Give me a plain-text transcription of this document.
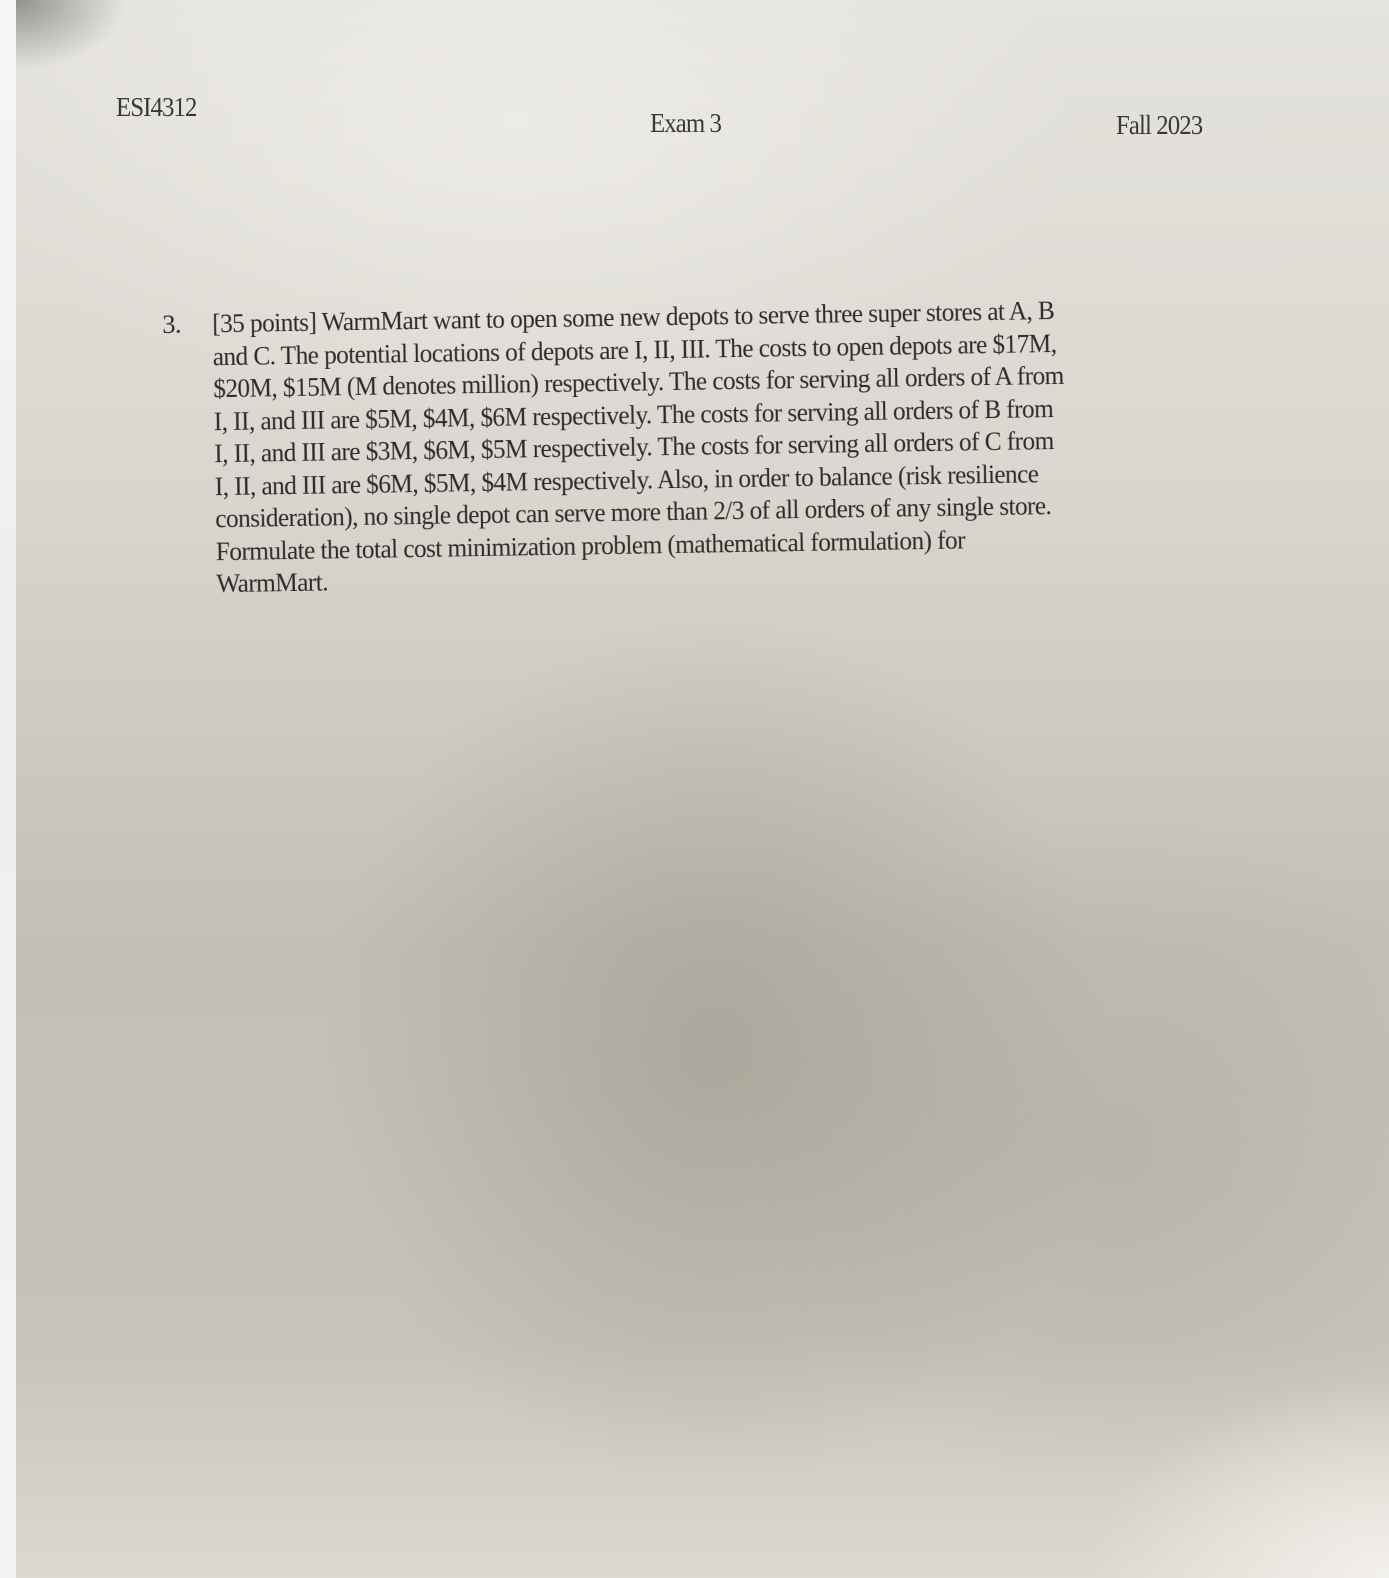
ESI4312
Exam 3	Fall 2023
3. [35 points] WarmMart want to open some new depots to serve three super stores at A, B
and C. The potential locations of depots are I, II, III. The costs to open depots are $17M,
$20M, $15M (M denotes million) respectively. The costs for serving all orders of A from
I, II, and III are $5M, $4M, $6M respectively. The costs for serving all orders of B from
I, II, and III are $3M, $6M, $5M respectively. The costs for serving all orders of C from
I, II, and III are $6M, $5M, $4M respectively. Also, in order to balance (risk resilience
consideration), no single depot can serve more than 2/3 of all orders of any single store.
Formulate the total cost minimization problem (mathematical formulation) for
WarmMart.
